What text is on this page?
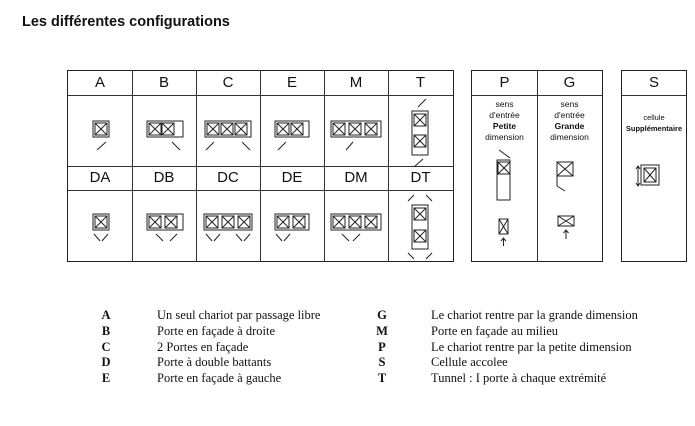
Les différentes configurations
A	B	C	E	M	T
DA	DB	DC	DE	DM	DT
P	G
sens
d'entrée
Petite
dimension
sens
d'entrée
Grande
dimension
S
cellule
Supplémentaire
A	Un seul chariot par passage libre
B	Porte en façade à droite
C	2 Portes en façade
D	Porte à double battants
E	Porte en façade à gauche
G	Le chariot rentre par la grande dimension
M	Porte en façade au milieu
P	Le chariot rentre par la petite dimension
S	Cellule accolee
T	Tunnel : I porte à chaque extrémité
